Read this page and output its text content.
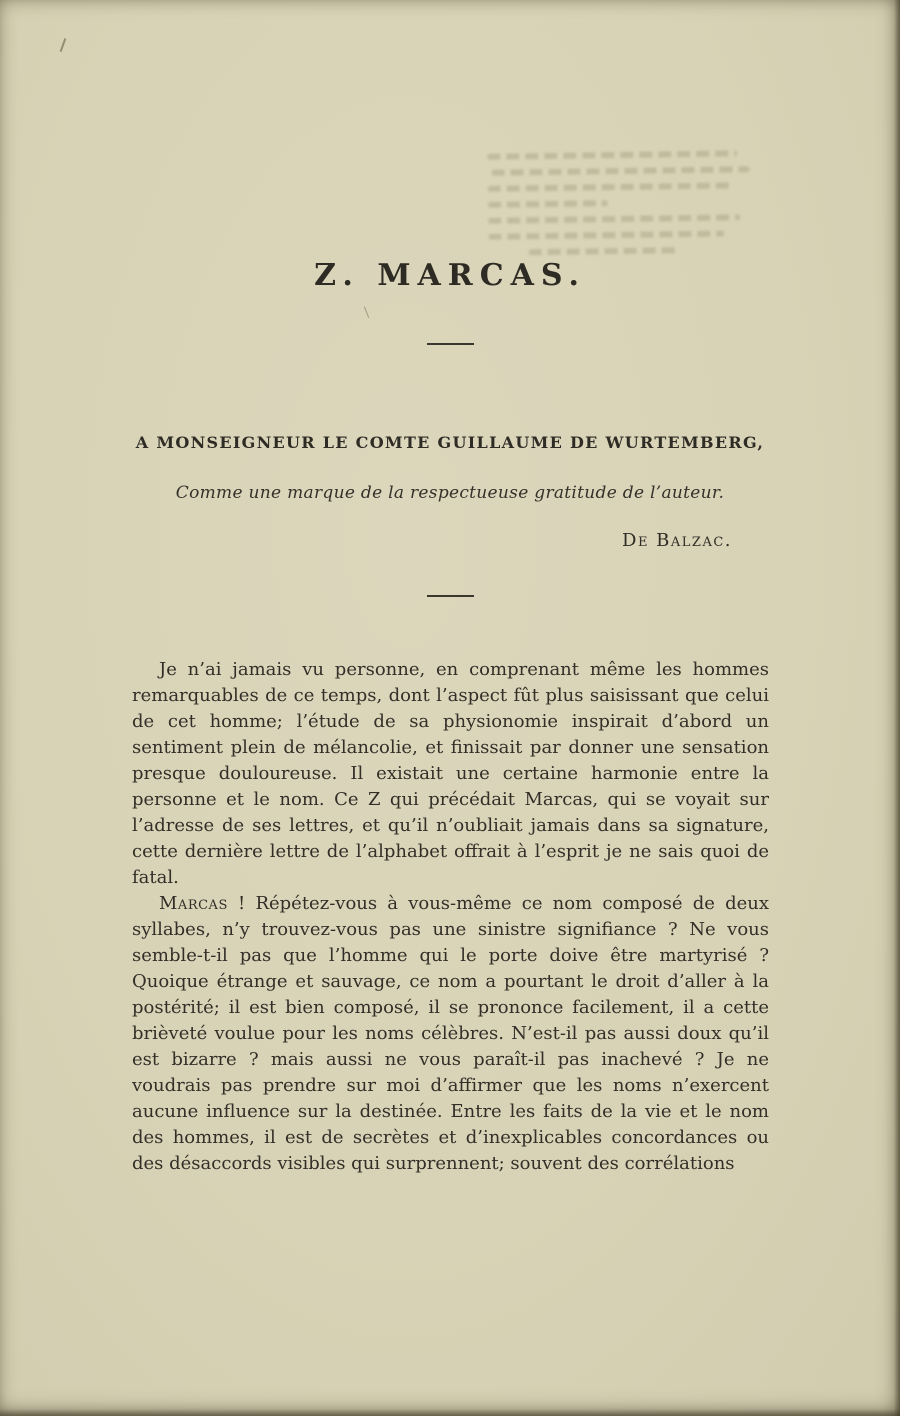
Z. MARCAS.

A MONSEIGNEUR LE COMTE GUILLAUME DE WURTEMBERG,

Comme une marque de la respectueuse gratitude de l’auteur.

De Balzac.

Je n’ai jamais vu personne, en comprenant même les hommes remarquables de ce temps, dont l’aspect fût plus saisissant que celui de cet homme; l’étude de sa physionomie inspirait d’abord un sentiment plein de mélancolie, et finissait par donner une sensation presque douloureuse. Il existait une certaine harmonie entre la personne et le nom. Ce Z qui précédait Marcas, qui se voyait sur l’adresse de ses lettres, et qu’il n’oubliait jamais dans sa signature, cette dernière lettre de l’alphabet offrait à l’esprit je ne sais quoi de fatal.

Marcas ! Répétez-vous à vous-même ce nom composé de deux syllabes, n’y trouvez-vous pas une sinistre signifiance ? Ne vous semble-t-il pas que l’homme qui le porte doive être martyrisé ? Quoique étrange et sauvage, ce nom a pourtant le droit d’aller à la postérité; il est bien composé, il se prononce facilement, il a cette brièveté voulue pour les noms célèbres. N’est-il pas aussi doux qu’il est bizarre ? mais aussi ne vous paraît-il pas inachevé ? Je ne voudrais pas prendre sur moi d’affirmer que les noms n’exercent aucune influence sur la destinée. Entre les faits de la vie et le nom des hommes, il est de secrètes et d’inexplicables concordances ou des désaccords visibles qui surprennent; souvent des corrélations
